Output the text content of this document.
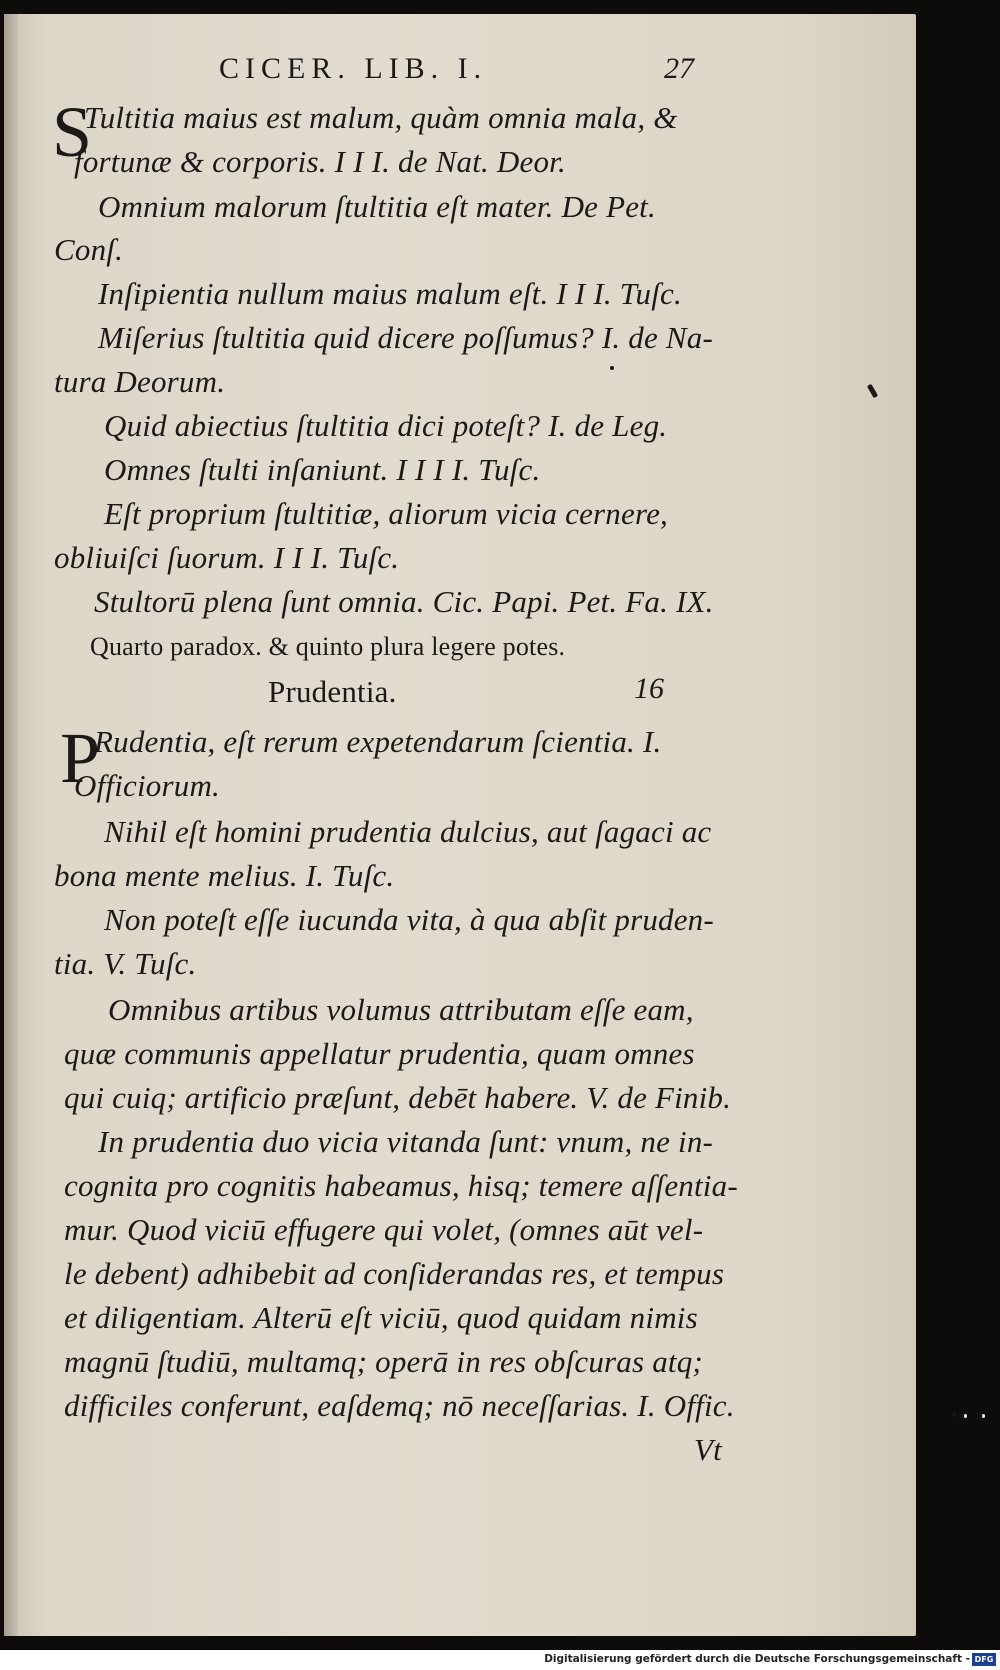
CICER. LIB. I.	27
S
Tultitia maius est malum, quàm omnia mala, &
fortunæ & corporis. I I I. de Nat. Deor.
Omnium malorum ſtultitia eſt mater. De Pet.
Conſ.
Inſipientia nullum maius malum eſt. I I I. Tuſc.
Miſerius ſtultitia quid dicere poſſumus? I. de Na-
tura Deorum.
Quid abiectius ſtultitia dici poteſt? I. de Leg.
Omnes ſtulti inſaniunt. I I I I. Tuſc.
Eſt proprium ſtultitiæ, aliorum vicia cernere,
obliuiſci ſuorum. I I I. Tuſc.
Stultorū plena ſunt omnia. Cic. Papi. Pet. Fa. IX.
Quarto paradox. & quinto plura legere potes.
Prudentia.	16
P
Rudentia, eſt rerum expetendarum ſcientia. I.
Officiorum.
Nihil eſt homini prudentia dulcius, aut ſagaci ac
bona mente melius. I. Tuſc.
Non poteſt eſſe iucunda vita, à qua abſit pruden-
tia. V. Tuſc.
Omnibus artibus volumus attributam eſſe eam,
quæ communis appellatur prudentia, quam omnes
qui cuiq; artificio præſunt, debēt habere. V. de Finib.
In prudentia duo vicia vitanda ſunt: vnum, ne in-
cognita pro cognitis habeamus, hisq; temere aſſentia-
mur. Quod viciū effugere qui volet, (omnes aūt vel-
le debent) adhibebit ad conſiderandas res, et tempus
et diligentiam. Alterū eſt viciū, quod quidam nimis
magnū ſtudiū, multamq; operā in res obſcuras atq;
difficiles conferunt, eaſdemq; nō neceſſarias. I. Offic.
Vt
Digitalisierung gefördert durch die Deutsche Forschungsgemeinschaft - DFG
